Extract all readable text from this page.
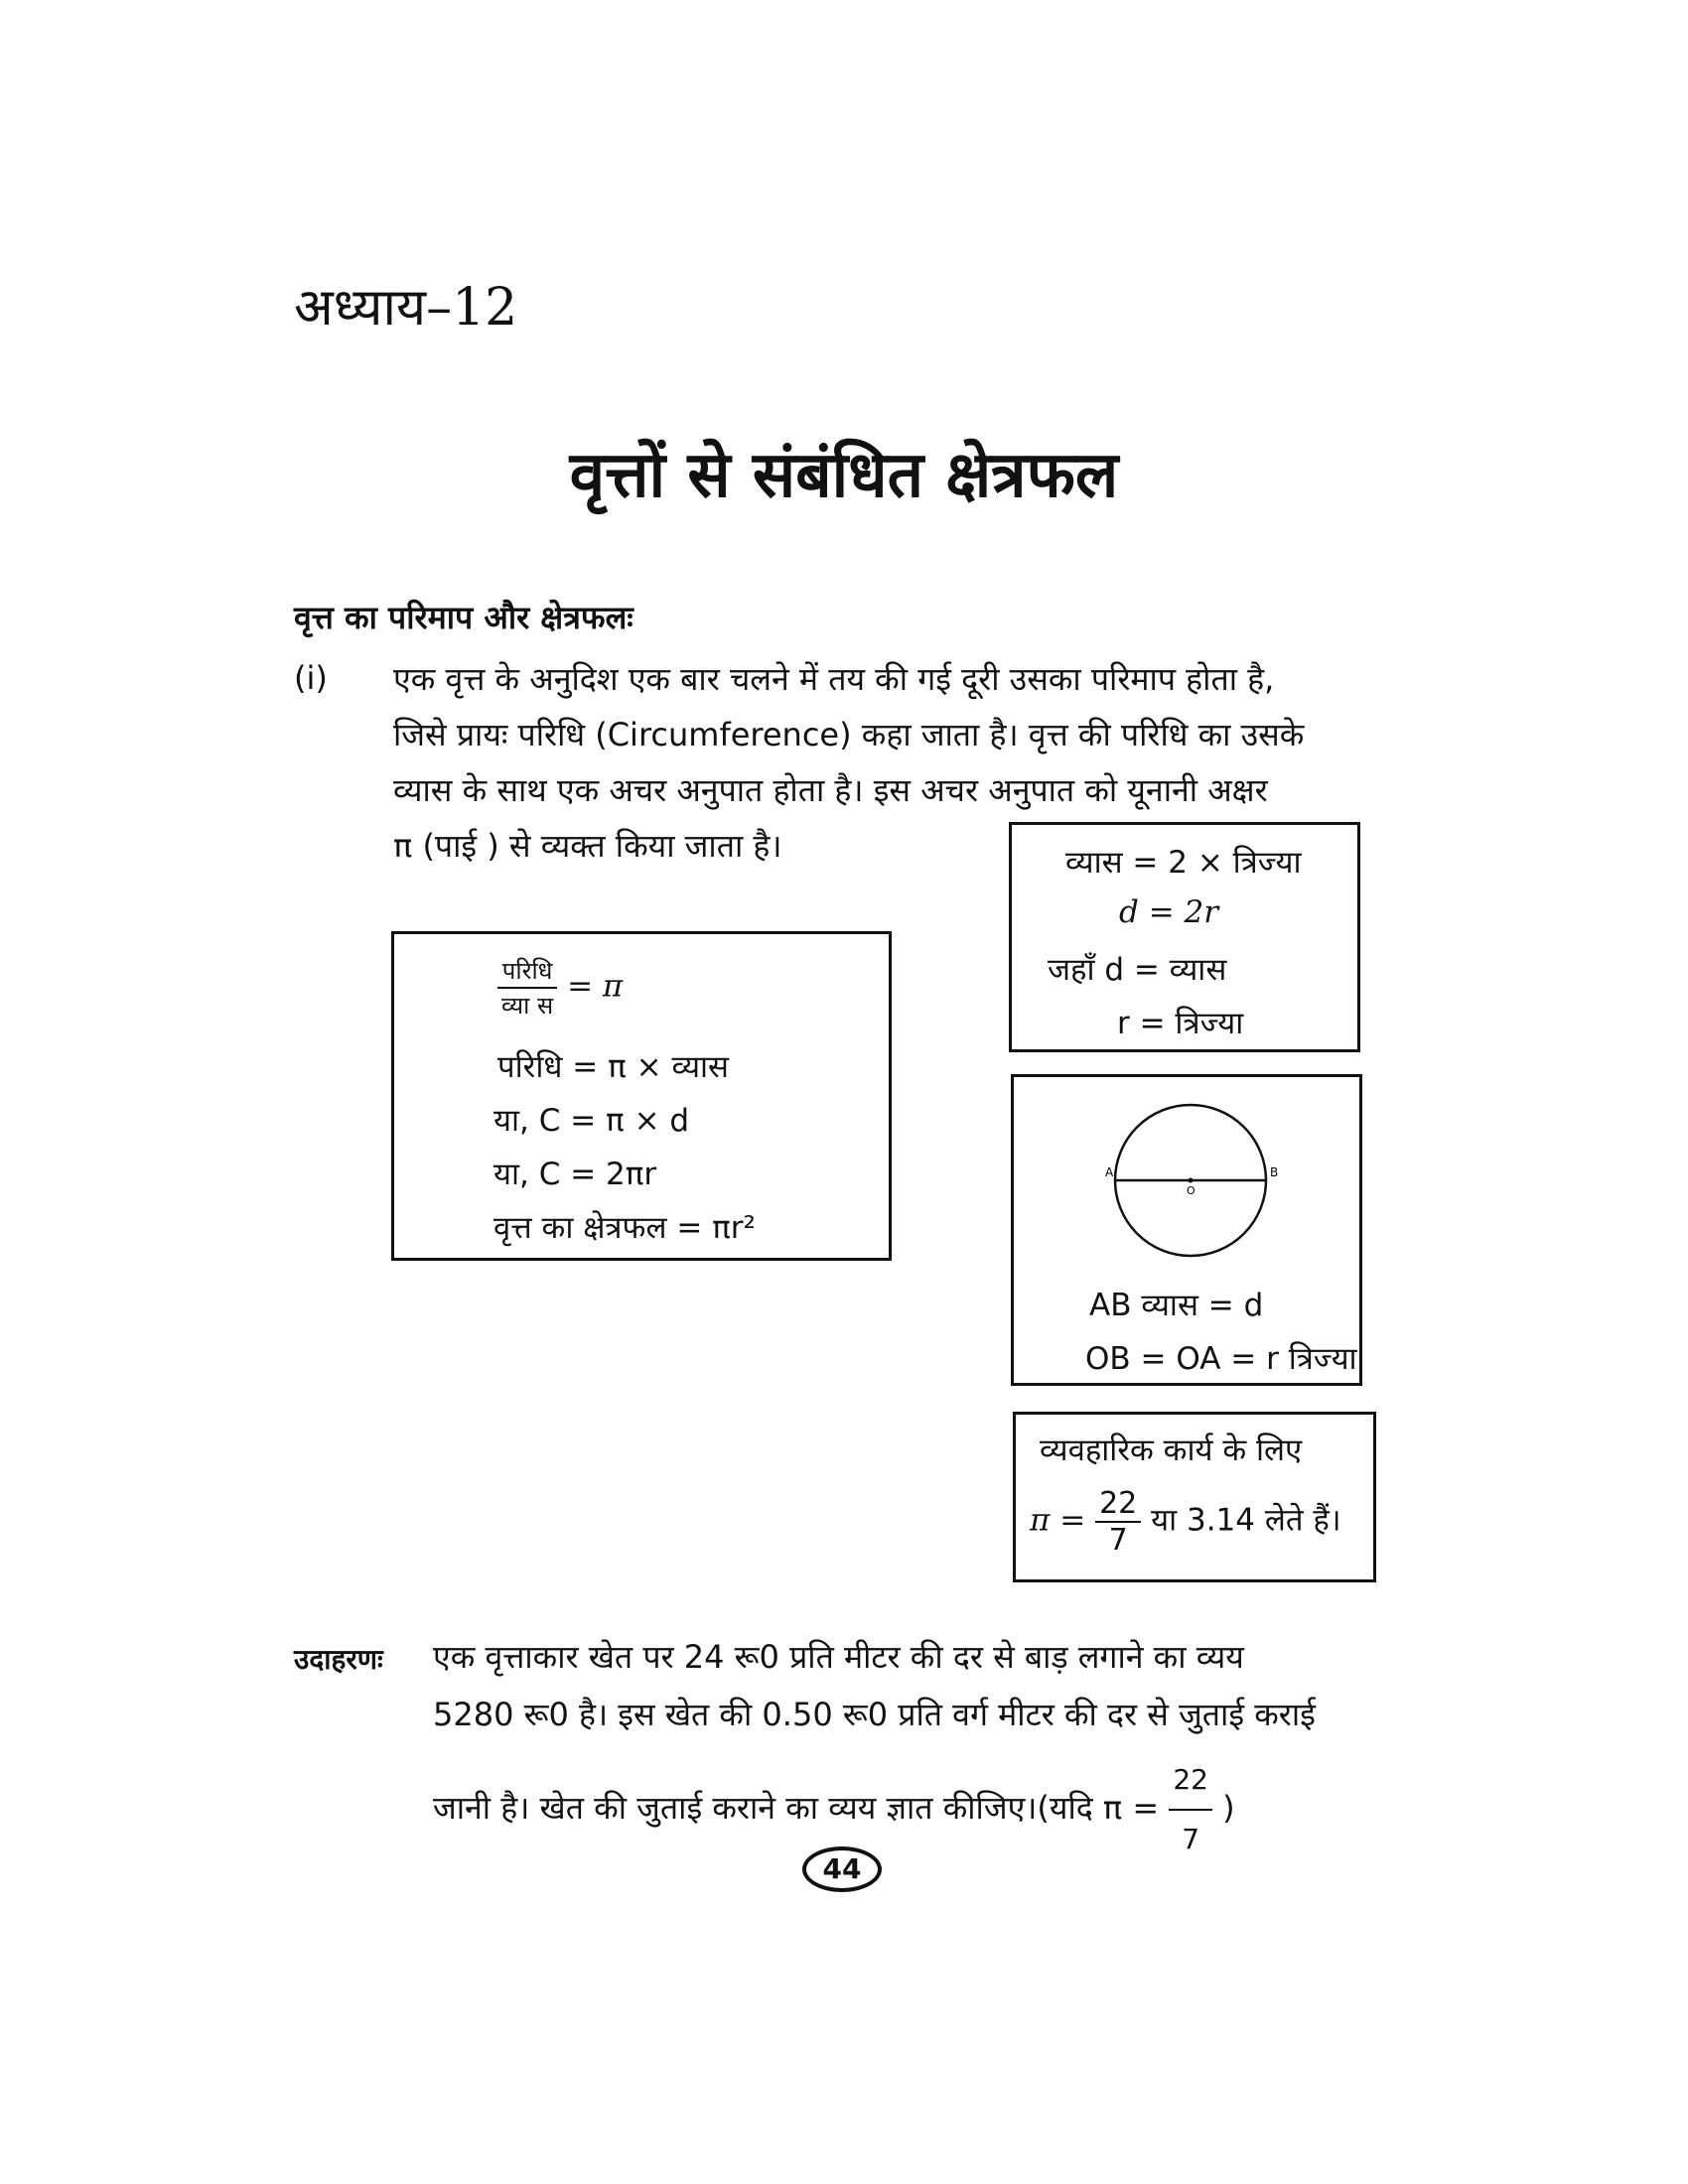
अध्याय–12
वृत्तों से संबंधित क्षेत्रफल
वृत्त का परिमाप और क्षेत्रफलः
(i) एक वृत्त के अनुदिश एक बार चलने में तय की गई दूरी उसका परिमाप होता है,

जिसे प्रायः परिधि (Circumference) कहा जाता है। वृत्त की परिधि का उसके

व्यास के साथ एक अचर अनुपात होता है। इस अचर अनुपात को यूनानी अक्षर

π (पाई ) से व्यक्त किया जाता है।

$\frac{\text{परिधि}}{\text{व्या स}} = \pi$
परिधि = π × व्यास
या, C = π × d
या, C = 2πr
वृत्त का क्षेत्रफल = πr²
व्यास = 2 × त्रिज्या
d = 2r
जहाँ d = व्यास
r = त्रिज्या
A	B
O
AB व्यास = d
OB = OA = r त्रिज्या
व्यवहारिक कार्य के लिए
$\pi = \frac{22}{7}$ या 3.14 लेते हैं।
उदाहरणः एक वृत्ताकार खेत पर 24 रू0 प्रति मीटर की दर से बाड़ लगाने का व्यय

5280 रू0 है। इस खेत की 0.50 रू0 प्रति वर्ग मीटर की दर से जुताई कराई

जानी है। खेत की जुताई कराने का व्यय ज्ञात कीजिए।(यदि $\pi = \frac{22}{7}$ )

44
